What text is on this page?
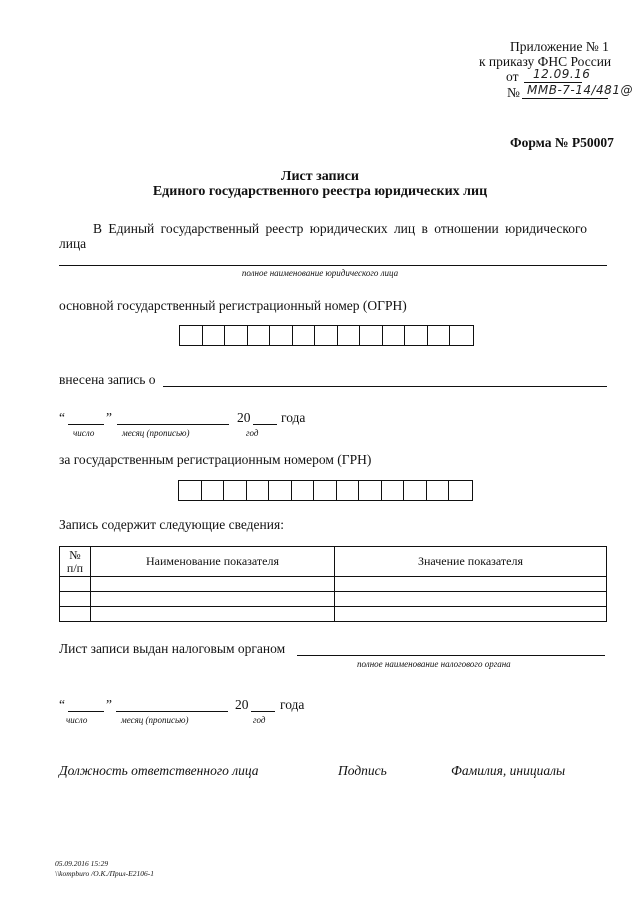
Приложение № 1
к приказу ФНС России
от 12.09.16
№ ММВ-7-14/481@
Форма № Р50007
Лист записи
Единого государственного реестра юридических лиц
В Единый государственный реестр юридических лиц в отношении юридического
лица
полное наименование юридического лица
основной государственный регистрационный номер (ОГРН)
внесена запись о
“	”	20 года
число	месяц (прописью)	год
за государственным регистрационным номером (ГРН)
Запись содержит следующие сведения:
№
п/п	Наименование показателя	Значение показателя

Лист записи выдан налоговым органом
полное наименование налогового органа
“	”	20 года
число	месяц (прописью)	год
Должность ответственного лица	Подпись	Фамилия, инициалы
05.09.2016 15:29
\\kompburo /О.К./Прил-Е2106-1
